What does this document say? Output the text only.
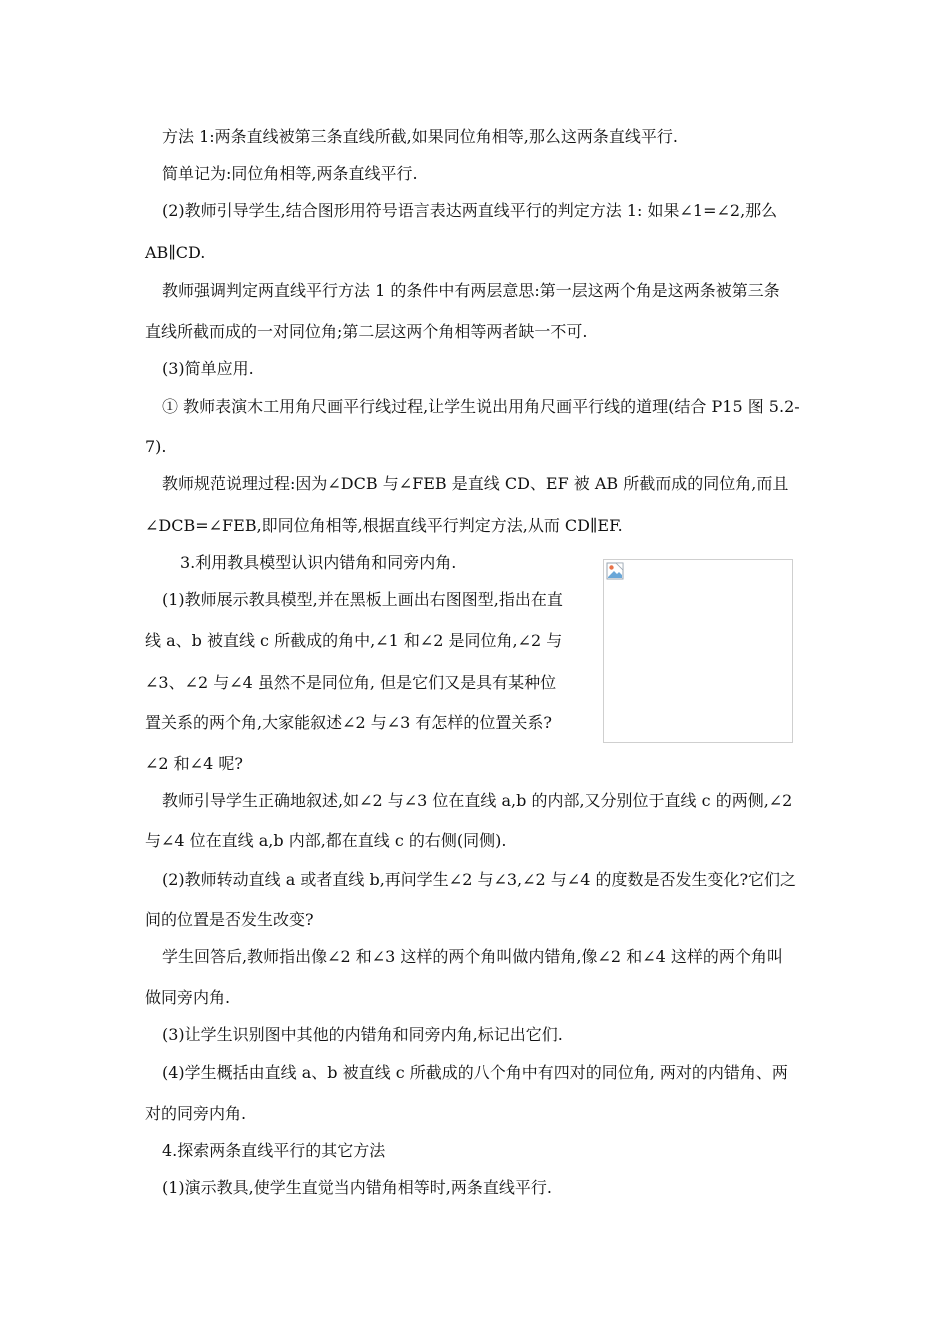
方法 1:两条直线被第三条直线所截,如果同位角相等,那么这两条直线平行.
简单记为:同位角相等,两条直线平行.
(2)教师引导学生,结合图形用符号语言表达两直线平行的判定方法 1: 如果∠1=∠2,那么
AB∥CD.
教师强调判定两直线平行方法 1 的条件中有两层意思:第一层这两个角是这两条被第三条
直线所截而成的一对同位角;第二层这两个角相等两者缺一不可.
(3)简单应用.
① 教师表演木工用角尺画平行线过程,让学生说出用角尺画平行线的道理(结合 P15 图 5.2-
7).
教师规范说理过程:因为∠DCB 与∠FEB 是直线 CD、EF 被 AB 所截而成的同位角,而且
∠DCB=∠FEB,即同位角相等,根据直线平行判定方法,从而 CD∥EF.
3.利用教具模型认识内错角和同旁内角.
(1)教师展示教具模型,并在黑板上画出右图图型,指出在直
线 a、b 被直线 c 所截成的角中,∠1 和∠2 是同位角,∠2 与
∠3、∠2 与∠4 虽然不是同位角, 但是它们又是具有某种位
置关系的两个角,大家能叙述∠2 与∠3 有怎样的位置关系?
∠2 和∠4 呢?
教师引导学生正确地叙述,如∠2 与∠3 位在直线 a,b 的内部,又分别位于直线 c 的两侧,∠2
与∠4 位在直线 a,b 内部,都在直线 c 的右侧(同侧).
(2)教师转动直线 a 或者直线 b,再问学生∠2 与∠3,∠2 与∠4 的度数是否发生变化?它们之
间的位置是否发生改变?
学生回答后,教师指出像∠2 和∠3 这样的两个角叫做内错角,像∠2 和∠4 这样的两个角叫
做同旁内角.
(3)让学生识别图中其他的内错角和同旁内角,标记出它们.
(4)学生概括由直线 a、b 被直线 c 所截成的八个角中有四对的同位角, 两对的内错角、两
对的同旁内角.
4.探索两条直线平行的其它方法
(1)演示教具,使学生直觉当内错角相等时,两条直线平行.
